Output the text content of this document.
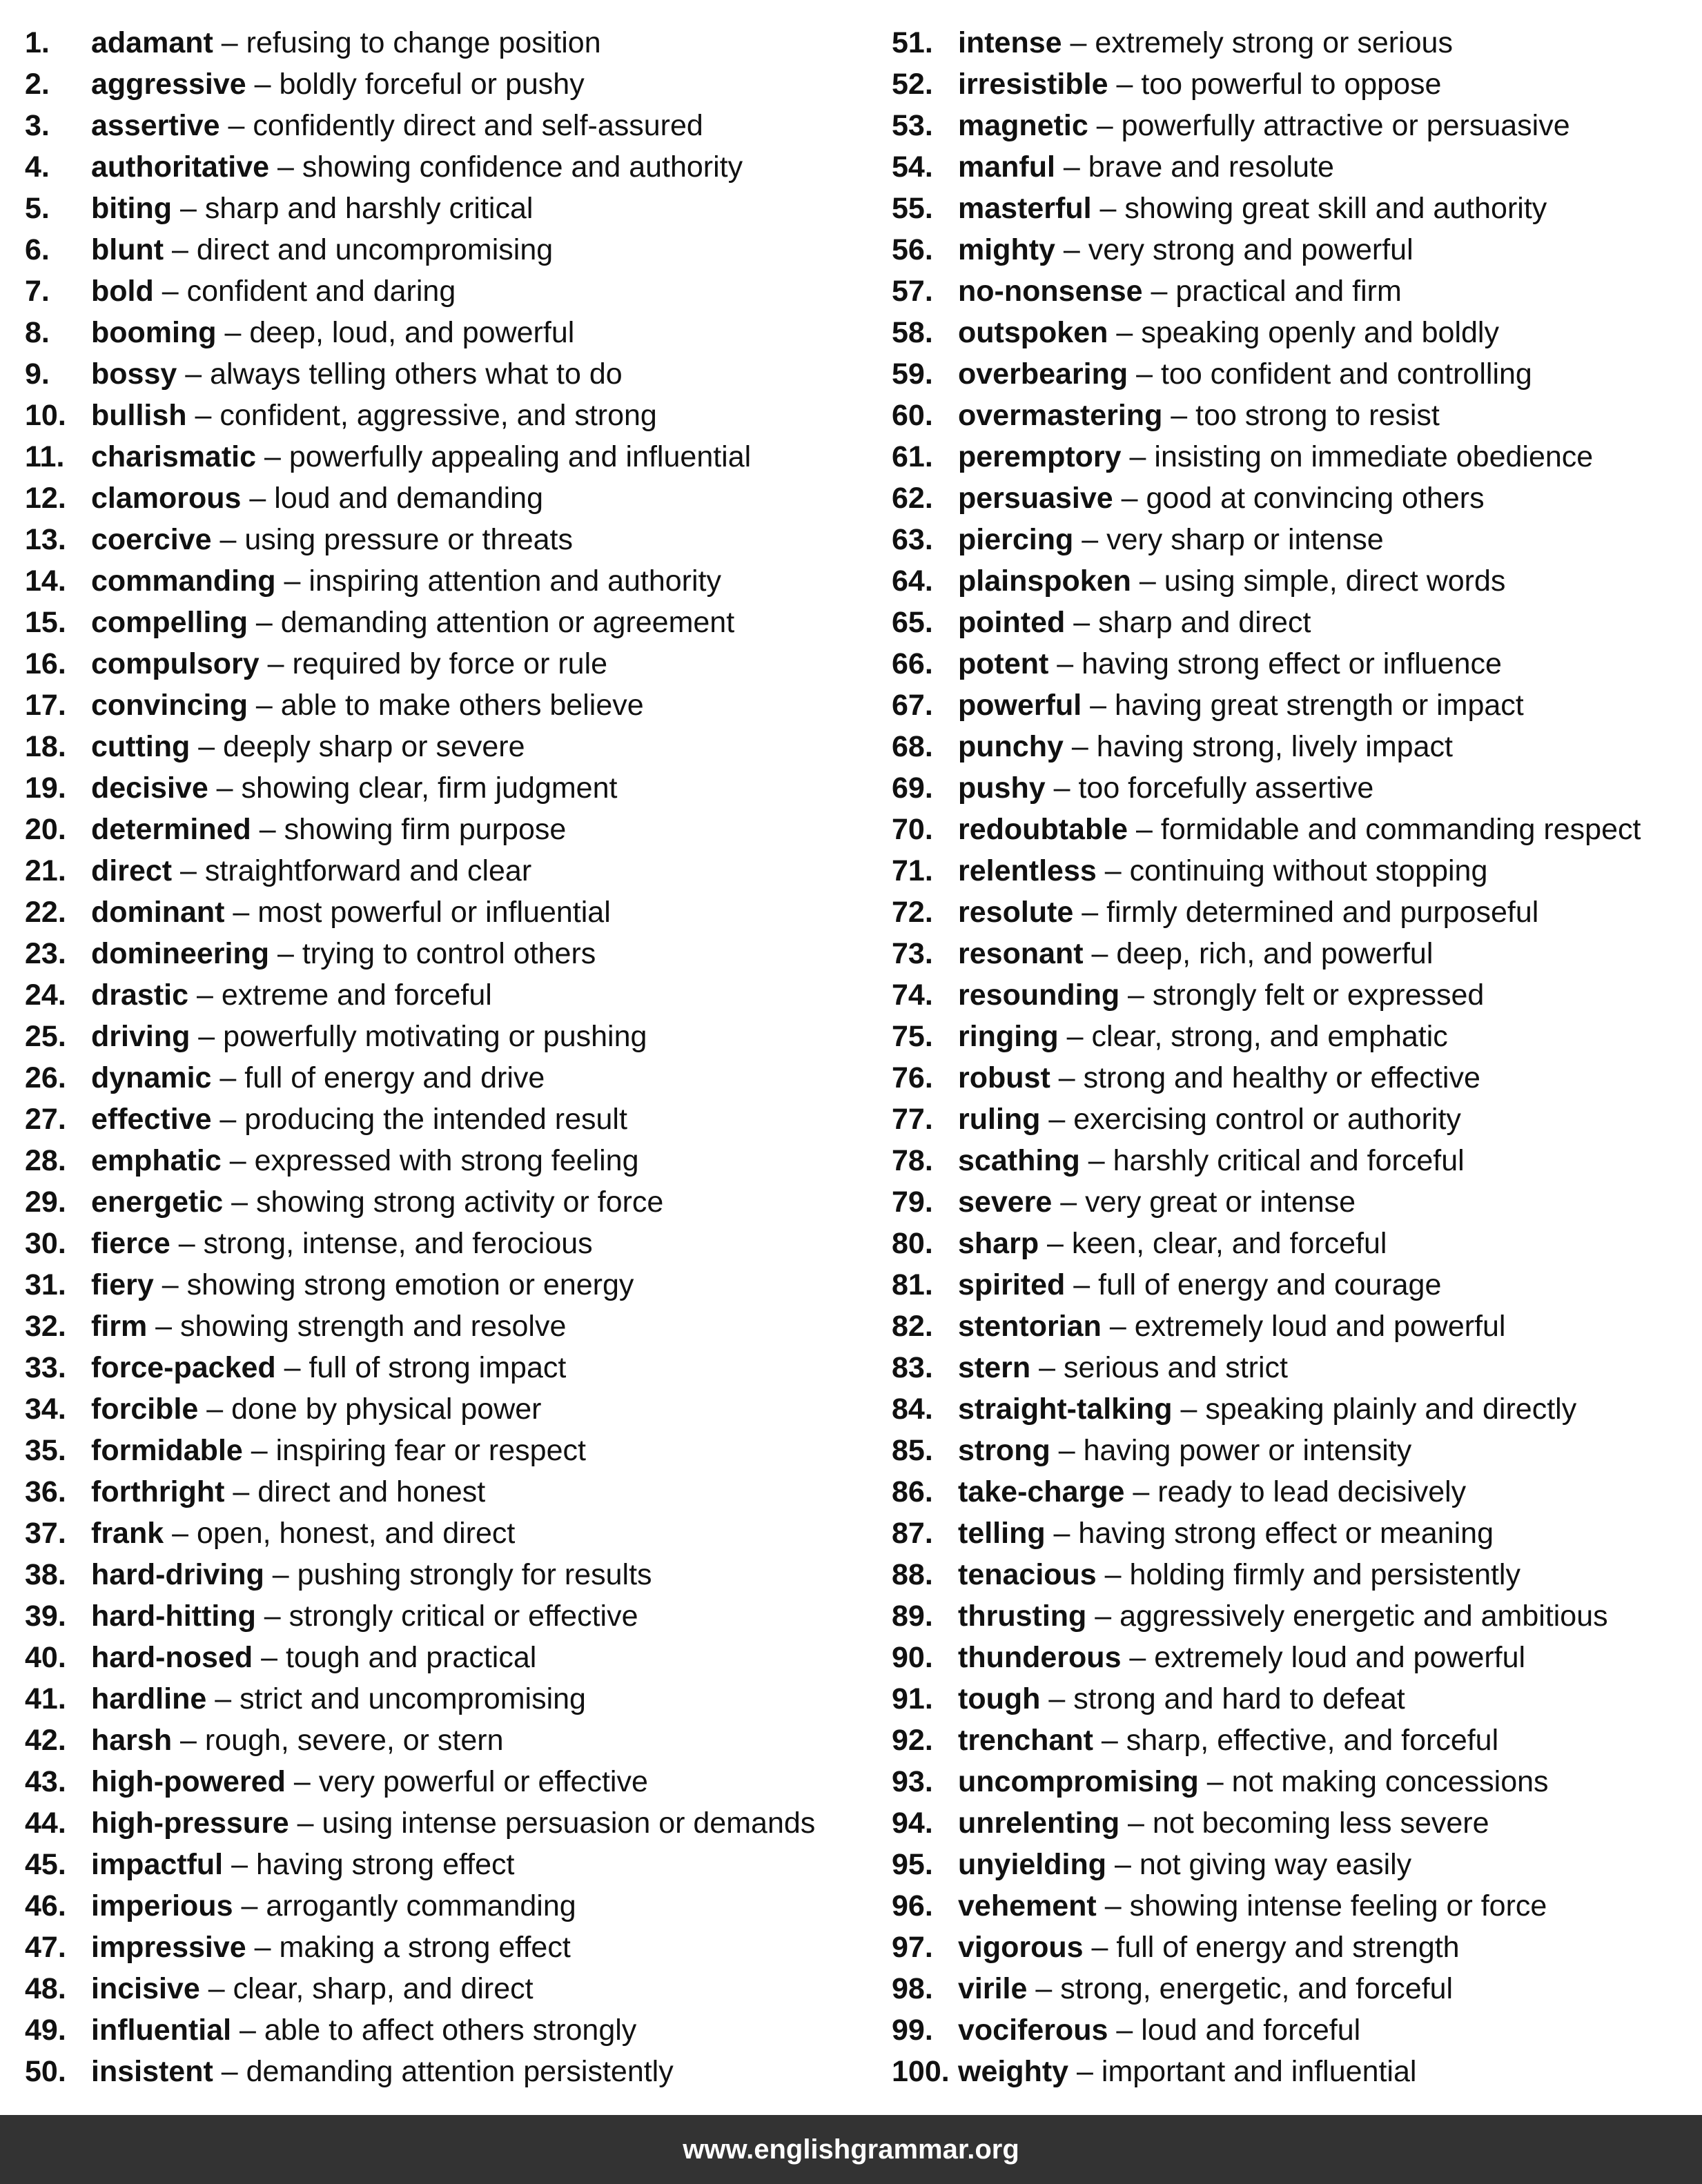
1. adamant – refusing to change position
2. aggressive – boldly forceful or pushy
3. assertive – confidently direct and self-assured
4. authoritative – showing confidence and authority
5. biting – sharp and harshly critical
6. blunt – direct and uncompromising
7. bold – confident and daring
8. booming – deep, loud, and powerful
9. bossy – always telling others what to do
10. bullish – confident, aggressive, and strong
11. charismatic – powerfully appealing and influential
12. clamorous – loud and demanding
13. coercive – using pressure or threats
14. commanding – inspiring attention and authority
15. compelling – demanding attention or agreement
16. compulsory – required by force or rule
17. convincing – able to make others believe
18. cutting – deeply sharp or severe
19. decisive – showing clear, firm judgment
20. determined – showing firm purpose
21. direct – straightforward and clear
22. dominant – most powerful or influential
23. domineering – trying to control others
24. drastic – extreme and forceful
25. driving – powerfully motivating or pushing
26. dynamic – full of energy and drive
27. effective – producing the intended result
28. emphatic – expressed with strong feeling
29. energetic – showing strong activity or force
30. fierce – strong, intense, and ferocious
31. fiery – showing strong emotion or energy
32. firm – showing strength and resolve
33. force-packed – full of strong impact
34. forcible – done by physical power
35. formidable – inspiring fear or respect
36. forthright – direct and honest
37. frank – open, honest, and direct
38. hard-driving – pushing strongly for results
39. hard-hitting – strongly critical or effective
40. hard-nosed – tough and practical
41. hardline – strict and uncompromising
42. harsh – rough, severe, or stern
43. high-powered – very powerful or effective
44. high-pressure – using intense persuasion or demands
45. impactful – having strong effect
46. imperious – arrogantly commanding
47. impressive – making a strong effect
48. incisive – clear, sharp, and direct
49. influential – able to affect others strongly
50. insistent – demanding attention persistently
51. intense – extremely strong or serious
52. irresistible – too powerful to oppose
53. magnetic – powerfully attractive or persuasive
54. manful – brave and resolute
55. masterful – showing great skill and authority
56. mighty – very strong and powerful
57. no-nonsense – practical and firm
58. outspoken – speaking openly and boldly
59. overbearing – too confident and controlling
60. overmastering – too strong to resist
61. peremptory – insisting on immediate obedience
62. persuasive – good at convincing others
63. piercing – very sharp or intense
64. plainspoken – using simple, direct words
65. pointed – sharp and direct
66. potent – having strong effect or influence
67. powerful – having great strength or impact
68. punchy – having strong, lively impact
69. pushy – too forcefully assertive
70. redoubtable – formidable and commanding respect
71. relentless – continuing without stopping
72. resolute – firmly determined and purposeful
73. resonant – deep, rich, and powerful
74. resounding – strongly felt or expressed
75. ringing – clear, strong, and emphatic
76. robust – strong and healthy or effective
77. ruling – exercising control or authority
78. scathing – harshly critical and forceful
79. severe – very great or intense
80. sharp – keen, clear, and forceful
81. spirited – full of energy and courage
82. stentorian – extremely loud and powerful
83. stern – serious and strict
84. straight-talking – speaking plainly and directly
85. strong – having power or intensity
86. take-charge – ready to lead decisively
87. telling – having strong effect or meaning
88. tenacious – holding firmly and persistently
89. thrusting – aggressively energetic and ambitious
90. thunderous – extremely loud and powerful
91. tough – strong and hard to defeat
92. trenchant – sharp, effective, and forceful
93. uncompromising – not making concessions
94. unrelenting – not becoming less severe
95. unyielding – not giving way easily
96. vehement – showing intense feeling or force
97. vigorous – full of energy and strength
98. virile – strong, energetic, and forceful
99. vociferous – loud and forceful
100. weighty – important and influential
www.englishgrammar.org
